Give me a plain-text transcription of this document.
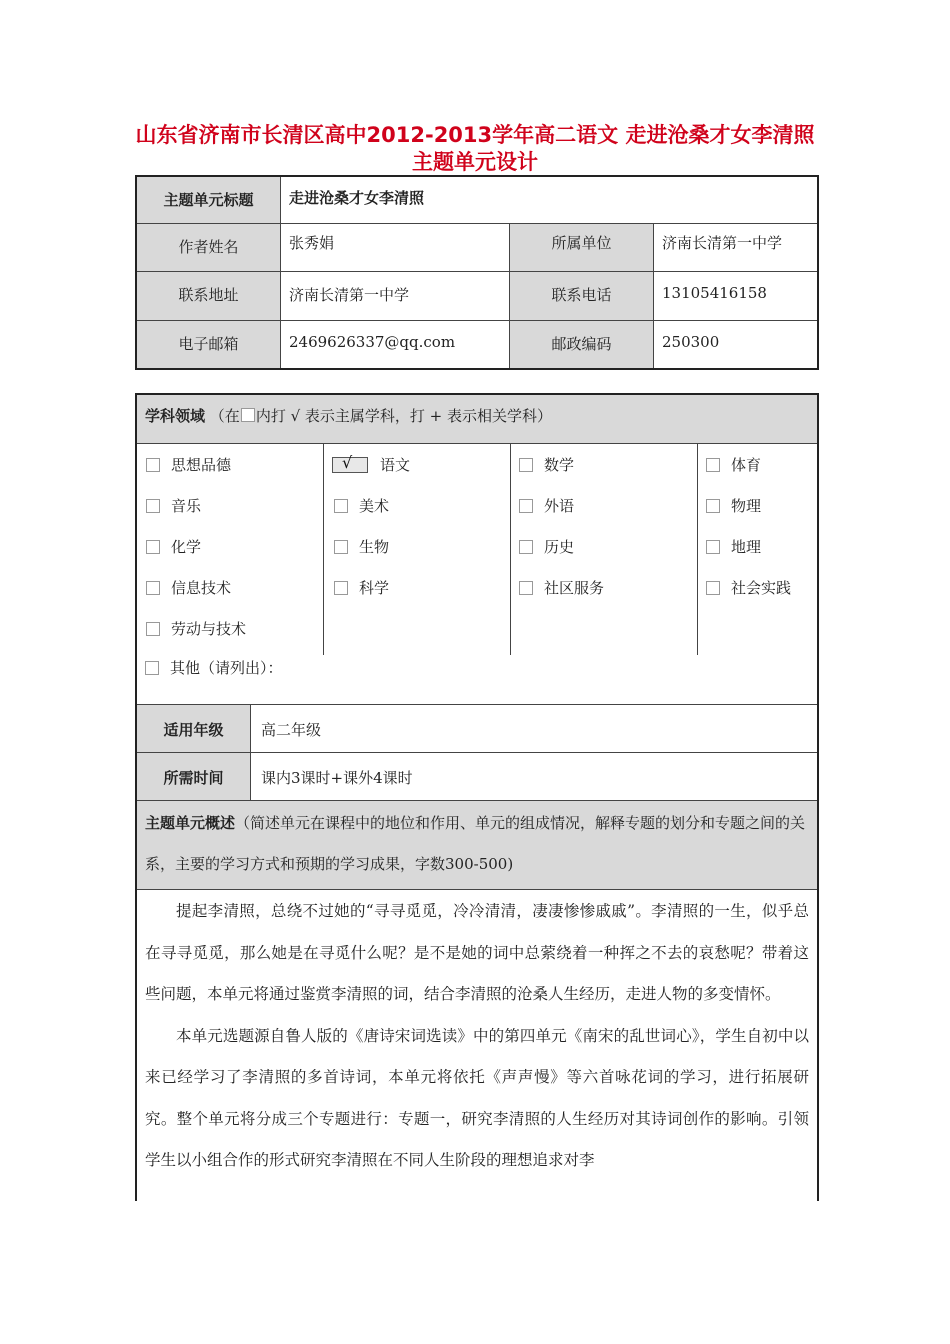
山东省济南市长清区高中2012-2013学年高二语文 走进沧桑才女李清照主题单元设计
主题单元标题	走进沧桑才女李清照
作者姓名	张秀娟	所属单位	济南长清第一中学
联系地址	济南长清第一中学	联系电话	13105416158
电子邮箱	2469626337@qq.com	邮政编码	250300
学科领域 （在 内打 √ 表示主属学科，打 + 表示相关学科）
思想品德
音乐
化学
信息技术
劳动与技术
√ 语文
美术
生物
科学
数学
外语
历史
社区服务
体育
物理
地理
社会实践
其他（请列出）：
适用年级	高二年级
所需时间	课内3课时+课外4课时
主题单元概述（简述单元在课程中的地位和作用、单元的组成情况，解释专题的划分和专题之间的关系，主要的学习方式和预期的学习成果，字数300-500)

提起李清照，总绕不过她的“寻寻觅觅，冷冷清清，凄凄惨惨戚戚”。李清照的一生，似乎总在寻寻觅觅，那么她是在寻觅什么呢？是不是她的词中总萦绕着一种挥之不去的哀愁呢？带着这些问题，本单元将通过鉴赏李清照的词，结合李清照的沧桑人生经历，走进人物的多变情怀。

本单元选题源自鲁人版的《唐诗宋词选读》中的第四单元《南宋的乱世词心》，学生自初中以来已经学习了李清照的多首诗词，本单元将依托《声声慢》等六首咏花词的学习，进行拓展研究。整个单元将分成三个专题进行：专题一，研究李清照的人生经历对其诗词创作的影响。引领学生以小组合作的形式研究李清照在不同人生阶段的理想追求对李
